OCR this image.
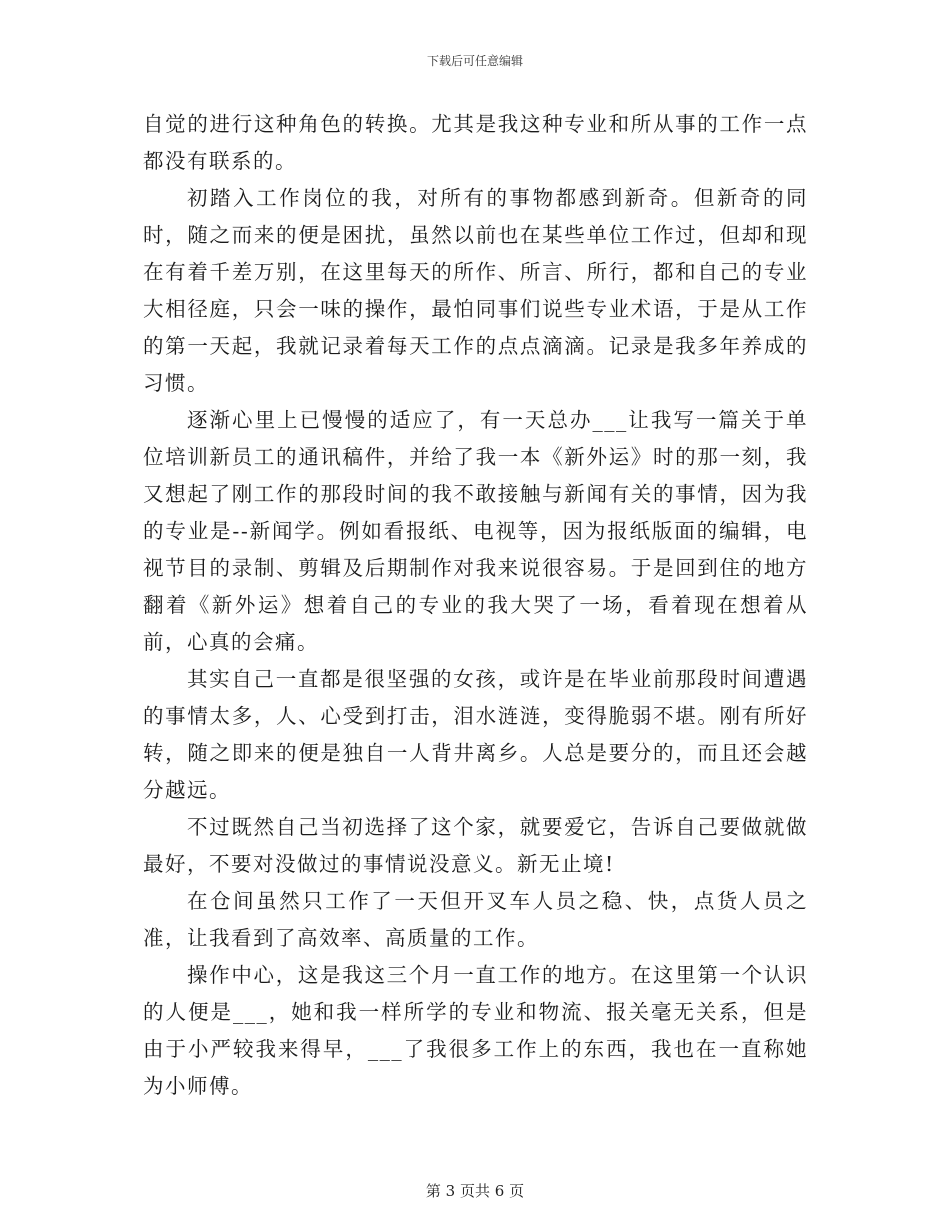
下载后可任意编辑

自觉的进行这种角色的转换。尤其是我这种专业和所从事的工作一点都没有联系的。

初踏入工作岗位的我，对所有的事物都感到新奇。但新奇的同时，随之而来的便是困扰，虽然以前也在某些单位工作过，但却和现在有着千差万别，在这里每天的所作、所言、所行，都和自己的专业大相径庭，只会一味的操作，最怕同事们说些专业术语，于是从工作的第一天起，我就记录着每天工作的点点滴滴。记录是我多年养成的习惯。

逐渐心里上已慢慢的适应了，有一天总办___让我写一篇关于单位培训新员工的通讯稿件，并给了我一本《新外运》时的那一刻，我又想起了刚工作的那段时间的我不敢接触与新闻有关的事情，因为我的专业是--新闻学。例如看报纸、电视等，因为报纸版面的编辑，电视节目的录制、剪辑及后期制作对我来说很容易。于是回到住的地方翻着《新外运》想着自己的专业的我大哭了一场，看着现在想着从前，心真的会痛。

其实自己一直都是很坚强的女孩，或许是在毕业前那段时间遭遇的事情太多，人、心受到打击，泪水涟涟，变得脆弱不堪。刚有所好转，随之即来的便是独自一人背井离乡。人总是要分的，而且还会越分越远。

不过既然自己当初选择了这个家，就要爱它，告诉自己要做就做最好，不要对没做过的事情说没意义。新无止境!

在仓间虽然只工作了一天但开叉车人员之稳、快，点货人员之准，让我看到了高效率、高质量的工作。

操作中心，这是我这三个月一直工作的地方。在这里第一个认识的人便是___，她和我一样所学的专业和物流、报关毫无关系，但是由于小严较我来得早，___了我很多工作上的东西，我也在一直称她为小师傅。

第 3 页共 6 页
